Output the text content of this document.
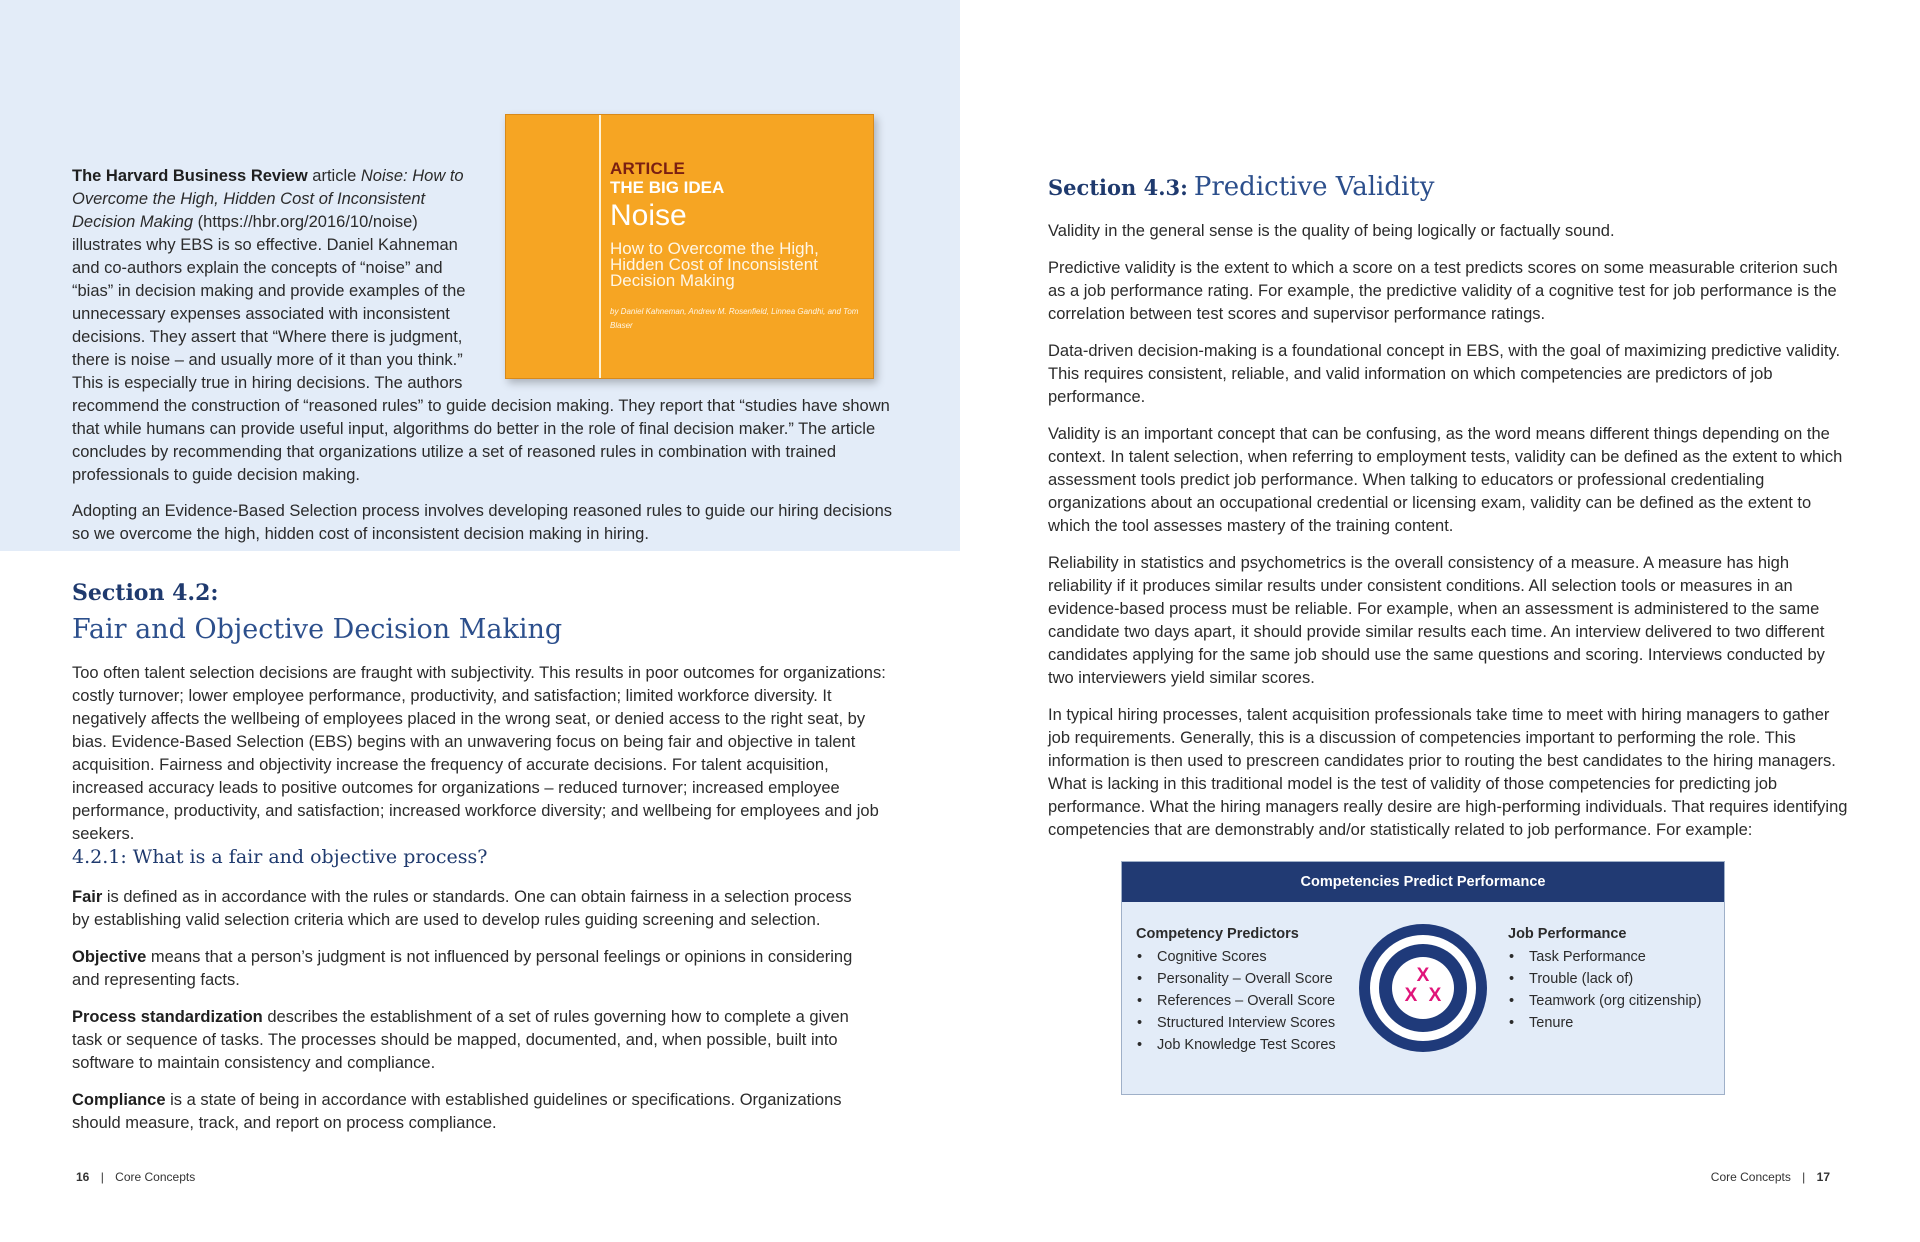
The Harvard Business Review article Noise: How to Overcome the High, Hidden Cost of Inconsistent Decision Making (https://hbr.org/2016/10/noise) illustrates why EBS is so effective. Daniel Kahneman and co-authors explain the concepts of “noise” and “bias” in decision making and provide examples of the unnecessary expenses associated with inconsistent decisions. They assert that “Where there is judgment, there is noise – and usually more of it than you think.” This is especially true in hiring decisions. The authors recommend the construction of “reasoned rules” to guide decision making. They report that “studies have shown that while humans can provide useful input, algorithms do better in the role of final decision maker.” The article concludes by recommending that organizations utilize a set of reasoned rules in combination with trained professionals to guide decision making.

Adopting an Evidence-Based Selection process involves developing reasoned rules to guide our hiring decisions so we overcome the high, hidden cost of inconsistent decision making in hiring.

ARTICLE
THE BIG IDEA
Noise
How to Overcome the High, Hidden Cost of Inconsistent Decision Making
by Daniel Kahneman, Andrew M. Rosenfield, Linnea Gandhi, and Tom Blaser
Section 4.2:
Fair and Objective Decision Making

Too often talent selection decisions are fraught with subjectivity. This results in poor outcomes for organizations: costly turnover; lower employee performance, productivity, and satisfaction; limited workforce diversity. It negatively affects the wellbeing of employees placed in the wrong seat, or denied access to the right seat, by bias. Evidence-Based Selection (EBS) begins with an unwavering focus on being fair and objective in talent acquisition. Fairness and objectivity increase the frequency of accurate decisions. For talent acquisition, increased accuracy leads to positive outcomes for organizations – reduced turnover; increased employee performance, productivity, and satisfaction; increased workforce diversity; and wellbeing for employees and job seekers.

4.2.1: What is a fair and objective process?

Fair is defined as in accordance with the rules or standards. One can obtain fairness in a selection process by establishing valid selection criteria which are used to develop rules guiding screening and selection.

Objective means that a person’s judgment is not influenced by personal feelings or opinions in considering and representing facts.

Process standardization describes the establishment of a set of rules governing how to complete a given task or sequence of tasks. The processes should be mapped, documented, and, when possible, built into software to maintain consistency and compliance.

Compliance is a state of being in accordance with established guidelines or specifications. Organizations should measure, track, and report on process compliance.

16 | Core Concepts
Section 4.3: Predictive Validity

Validity in the general sense is the quality of being logically or factually sound.

Predictive validity is the extent to which a score on a test predicts scores on some measurable criterion such as a job performance rating. For example, the predictive validity of a cognitive test for job performance is the correlation between test scores and supervisor performance ratings.

Data-driven decision-making is a foundational concept in EBS, with the goal of maximizing predictive validity. This requires consistent, reliable, and valid information on which competencies are predictors of job performance.

Validity is an important concept that can be confusing, as the word means different things depending on the context. In talent selection, when referring to employment tests, validity can be defined as the extent to which assessment tools predict job performance. When talking to educators or professional credentialing organizations about an occupational credential or licensing exam, validity can be defined as the extent to which the tool assesses mastery of the training content.

Reliability in statistics and psychometrics is the overall consistency of a measure. A measure has high reliability if it produces similar results under consistent conditions. All selection tools or measures in an evidence-based process must be reliable. For example, when an assessment is administered to the same candidate two days apart, it should provide similar results each time. An interview delivered to two different candidates applying for the same job should use the same questions and scoring. Interviews conducted by two interviewers yield similar scores.

In typical hiring processes, talent acquisition professionals take time to meet with hiring managers to gather job requirements. Generally, this is a discussion of competencies important to performing the role. This information is then used to prescreen candidates prior to routing the best candidates to the hiring managers. What is lacking in this traditional model is the test of validity of those competencies for predicting job performance. What the hiring managers really desire are high-performing individuals. That requires identifying competencies that are demonstrably and/or statistically related to job performance. For example:

Competencies Predict Performance
Competency Predictors
• Cognitive Scores
• Personality – Overall Score
• References – Overall Score
• Structured Interview Scores
• Job Knowledge Test Scores
X
X X
Job Performance
• Task Performance
• Trouble (lack of)
• Teamwork (org citizenship)
• Tenure
Core Concepts | 17
